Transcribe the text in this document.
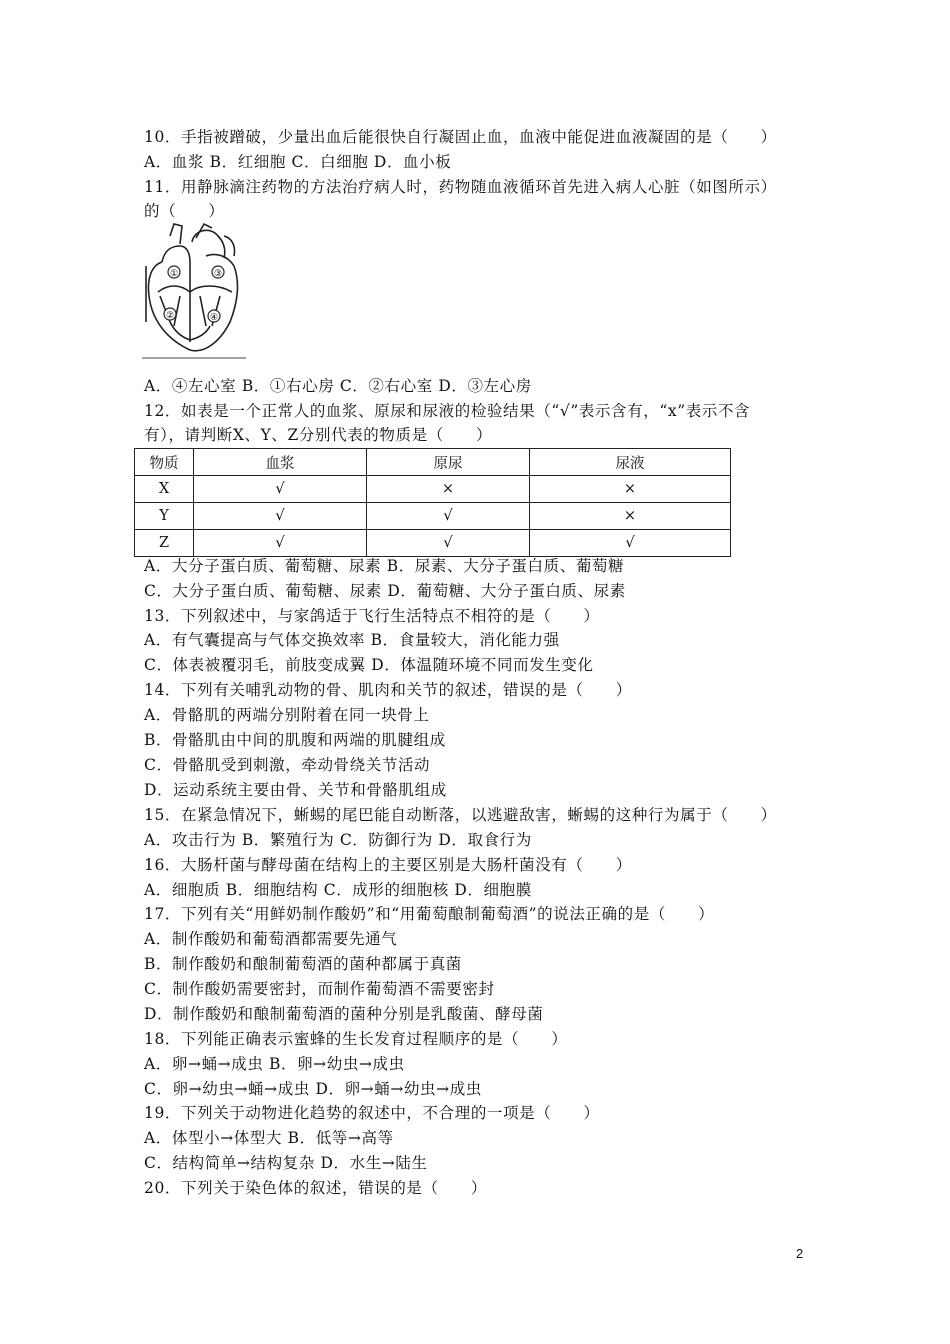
10．手指被蹭破，少量出血后能很快自行凝固止血，血液中能促进血液凝固的是（　　）
A．血浆 B．红细胞 C．白细胞 D．血小板
11．用静脉滴注药物的方法治疗病人时，药物随血液循环首先进入病人心脏（如图所示）
的（　　）
①
②
③
④
A．④左心室 B．①右心房 C．②右心室 D．③左心房
12．如表是一个正常人的血浆、原尿和尿液的检验结果（“√”表示含有，“x”表示不含
有），请判断X、Y、Z分别代表的物质是（　　）
物质	血浆	原尿	尿液
X	√	×	×
Y	√	√	×
Z	√	√	√
A．大分子蛋白质、葡萄糖、尿素 B．尿素、大分子蛋白质、葡萄糖
C．大分子蛋白质、葡萄糖、尿素 D．葡萄糖、大分子蛋白质、尿素
13．下列叙述中，与家鸽适于飞行生活特点不相符的是（　　）
A．有气囊提高与气体交换效率 B．食量较大，消化能力强
C．体表被覆羽毛，前肢变成翼 D．体温随环境不同而发生变化
14．下列有关哺乳动物的骨、肌肉和关节的叙述，错误的是（　　）
A．骨骼肌的两端分别附着在同一块骨上
B．骨骼肌由中间的肌腹和两端的肌腱组成
C．骨骼肌受到刺激，牵动骨绕关节活动
D．运动系统主要由骨、关节和骨骼肌组成
15．在紧急情况下，蜥蜴的尾巴能自动断落，以逃避敌害，蜥蜴的这种行为属于（　　）
A．攻击行为 B．繁殖行为 C．防御行为 D．取食行为
16．大肠杆菌与酵母菌在结构上的主要区别是大肠杆菌没有（　　）
A．细胞质 B．细胞结构 C．成形的细胞核 D．细胞膜
17．下列有关“用鲜奶制作酸奶”和“用葡萄酿制葡萄酒”的说法正确的是（　　）
A．制作酸奶和葡萄酒都需要先通气
B．制作酸奶和酿制葡萄酒的菌种都属于真菌
C．制作酸奶需要密封，而制作葡萄酒不需要密封
D．制作酸奶和酿制葡萄酒的菌种分别是乳酸菌、酵母菌
18．下列能正确表示蜜蜂的生长发育过程顺序的是（　　）
A．卵→蛹→成虫 B．卵→幼虫→成虫
C．卵→幼虫→蛹→成虫 D．卵→蛹→幼虫→成虫
19．下列关于动物进化趋势的叙述中，不合理的一项是（　　）
A．体型小→体型大 B．低等→高等
C．结构简单→结构复杂 D．水生→陆生
20．下列关于染色体的叙述，错误的是（　　）
2
